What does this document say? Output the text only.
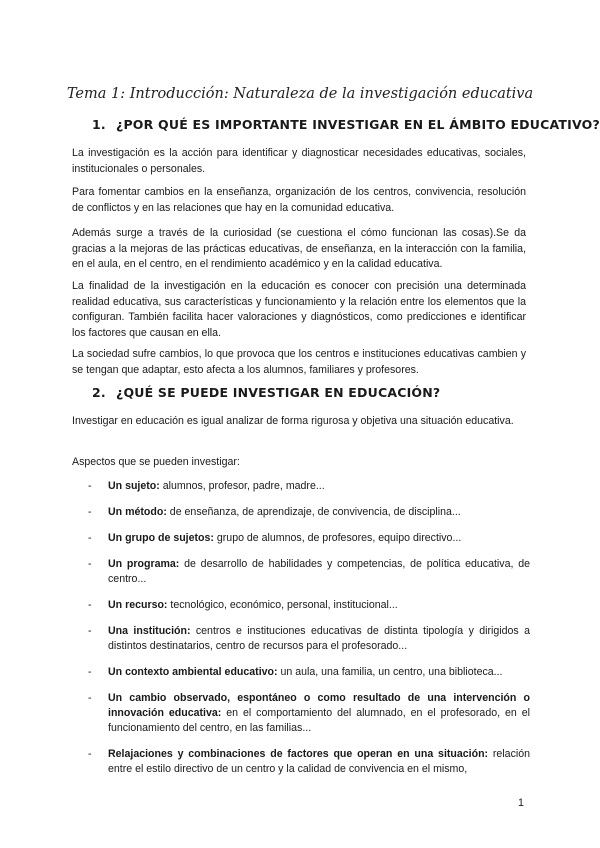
Tema 1: Introducción: Naturaleza de la investigación educativa
1. ¿POR QUÉ ES IMPORTANTE INVESTIGAR EN EL ÁMBITO EDUCATIVO?

La investigación es la acción para identificar y diagnosticar necesidades educativas, sociales, institucionales o personales.

Para fomentar cambios en la enseñanza, organización de los centros, convivencia, resolución de conflictos y en las relaciones que hay en la comunidad educativa.

Además surge a través de la curiosidad (se cuestiona el cómo funcionan las cosas).Se da gracias a la mejoras de las prácticas educativas, de enseñanza, en la interacción con la familia, en el aula, en el centro, en el rendimiento académico y en la calidad educativa.

La finalidad de la investigación en la educación es conocer con precisión una determinada realidad educativa, sus características y funcionamiento y la relación entre los elementos que la configuran. También facilita hacer valoraciones y diagnósticos, como predicciones e identificar los factores que causan en ella.

La sociedad sufre cambios, lo que provoca que los centros e instituciones educativas cambien y se tengan que adaptar, esto afecta a los alumnos, familiares y profesores.

2. ¿QUÉ SE PUEDE INVESTIGAR EN EDUCACIÓN?

Investigar en educación es igual analizar de forma rigurosa y objetiva una situación educativa.

Aspectos que se pueden investigar:

- Un sujeto: alumnos, profesor, padre, madre...
- Un método: de enseñanza, de aprendizaje, de convivencia, de disciplina...
- Un grupo de sujetos: grupo de alumnos, de profesores, equipo directivo...
- Un programa: de desarrollo de habilidades y competencias, de política educativa, de centro...
- Un recurso: tecnológico, económico, personal, institucional...
- Una institución: centros e instituciones educativas de distinta tipología y dirigidos a distintos destinatarios, centro de recursos para el profesorado...
- Un contexto ambiental educativo: un aula, una familia, un centro, una biblioteca...
- Un cambio observado, espontáneo o como resultado de una intervención o innovación educativa: en el comportamiento del alumnado, en el profesorado, en el funcionamiento del centro, en las familias...
- Relajaciones y combinaciones de factores que operan en una situación: relación entre el estilo directivo de un centro y la calidad de convivencia en el mismo,
1
